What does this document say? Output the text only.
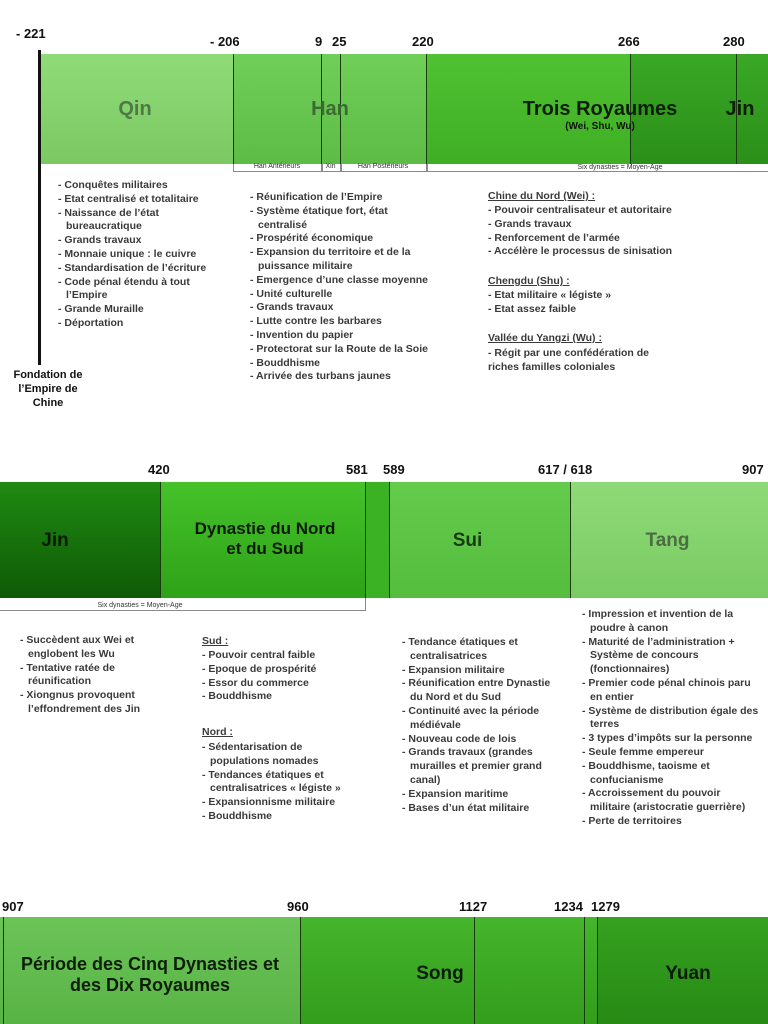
- 221
- 206	9 25	220	266	280
Qin	Han	Trois Royaumes
(Wei, Shu, Wu)
Jin
Han Antérieurs	Xin	Han Postérieurs	Six dynasties = Moyen-Age
Fondation de
l’Empire de
Chine
- Conquêtes militaires
- Etat centralisé et totalitaire
- Naissance de l’état bureaucratique
- Grands travaux
- Monnaie unique : le cuivre
- Standardisation de l’écriture
- Code pénal étendu à tout l’Empire
- Grande Muraille
- Déportation
- Réunification de l’Empire
- Système étatique fort, état centralisé
- Prospérité économique
- Expansion du territoire et de la puissance militaire
- Emergence d’une classe moyenne
- Unité culturelle
- Grands travaux
- Lutte contre les barbares
- Invention du papier
- Protectorat sur la Route de la Soie
- Bouddhisme
- Arrivée des turbans jaunes
Chine du Nord (Wei) :
- Pouvoir centralisateur et autoritaire
- Grands travaux
- Renforcement de l’armée
- Accélère le processus de sinisation
Chengdu (Shu) :
- Etat militaire « légiste »
- Etat assez faible
Vallée du Yangzi (Wu) :

- Régit par une confédération de riches familles coloniales

420	581 589	617 / 618	907
Jin
Dynastie du Nord et du Sud	Sui	Tang
Six dynasties = Moyen-Age
- Succèdent aux Wei et englobent les Wu
- Tentative ratée de réunification
- Xiongnus provoquent l’effondrement des Jin
Sud :
- Pouvoir central faible
- Epoque de prospérité
- Essor du commerce
- Bouddhisme
Nord :
- Sédentarisation de populations nomades
- Tendances étatiques et centralisatrices « légiste »
- Expansionnisme militaire
- Bouddhisme
- Tendance étatiques et centralisatrices
- Expansion militaire
- Réunification entre Dynastie du Nord et du Sud
- Continuité avec la période médiévale
- Nouveau code de lois
- Grands travaux (grandes murailles et premier grand canal)
- Expansion maritime
- Bases d’un état militaire
- Impression et invention de la poudre à canon
- Maturité de l’administration + Système de concours (fonctionnaires)
- Premier code pénal chinois paru en entier
- Système de distribution égale des terres
- 3 types d’impôts sur la personne
- Seule femme empereur
- Bouddhisme, taoisme et confucianisme
- Accroissement du pouvoir militaire (aristocratie guerrière)
- Perte de territoires
907	960	1127	1234 1279
Période des Cinq Dynasties et des Dix Royaumes
Song	Yuan
